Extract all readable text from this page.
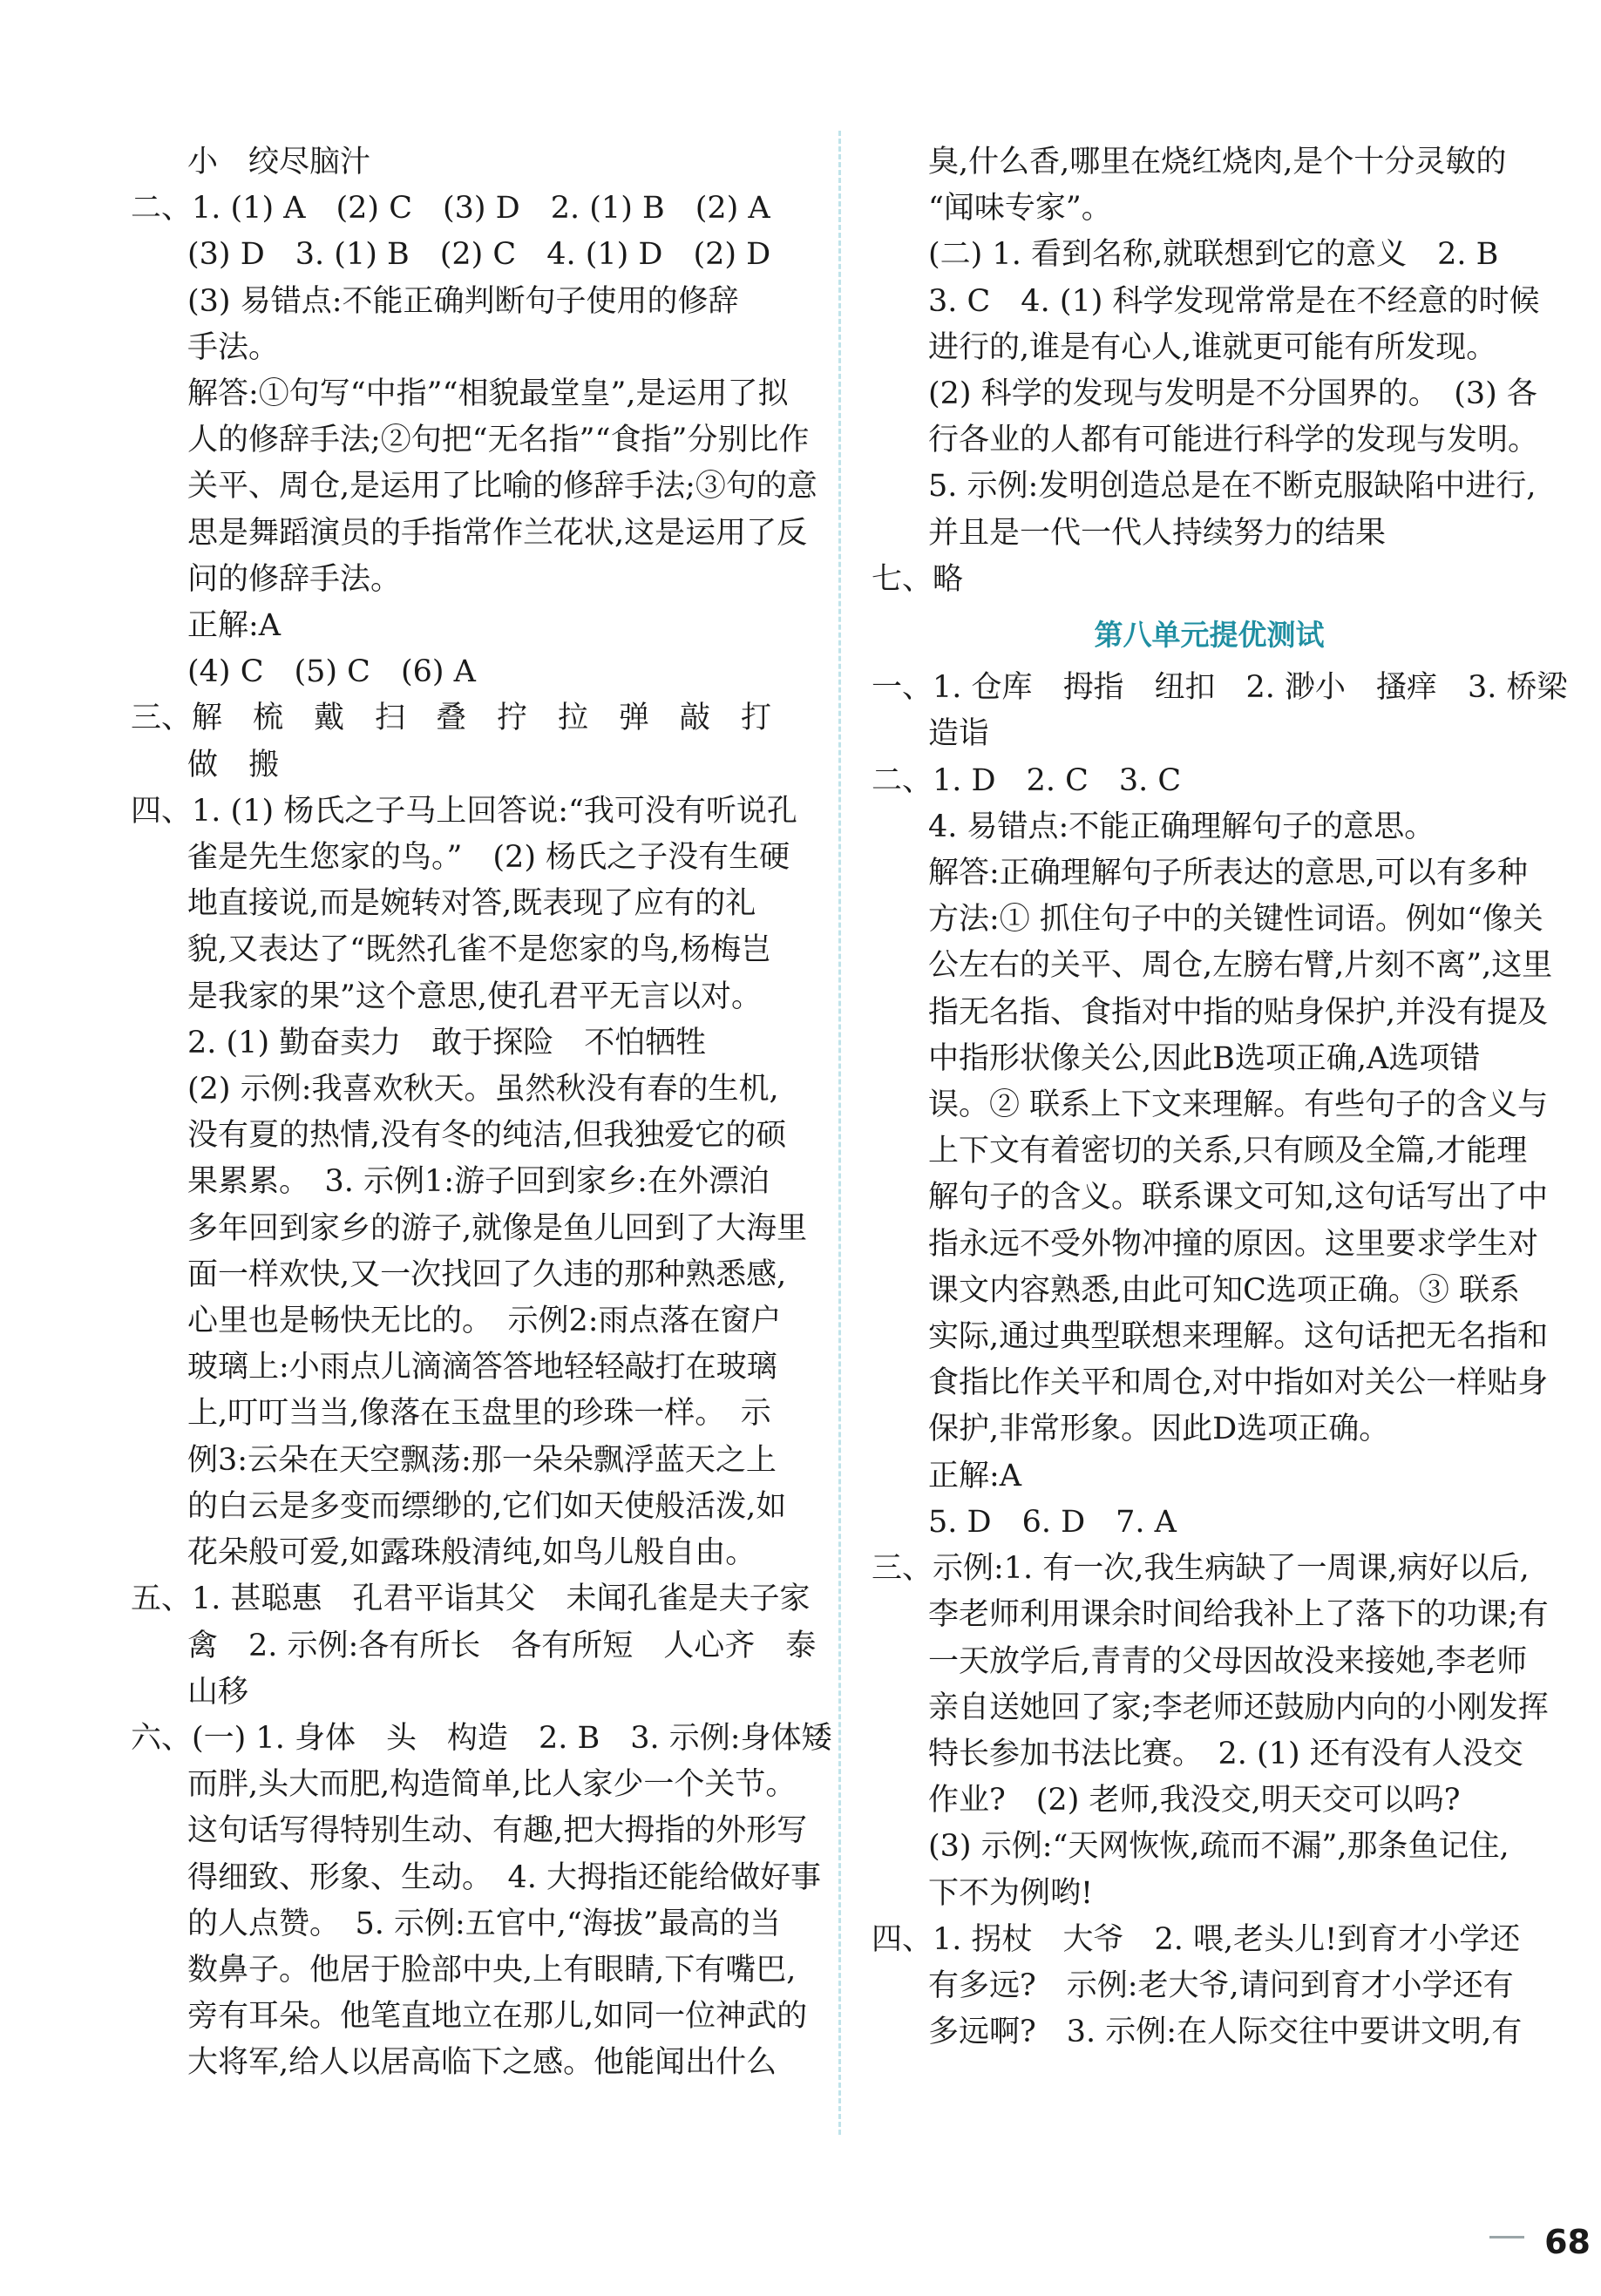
小　绞尽脑汁
二、1. (1) A　(2) C　(3) D　2. (1) B　(2) A
(3) D　3. (1) B　(2) C　4. (1) D　(2) D
(3) 易错点:不能正确判断句子使用的修辞
手法。
解答:①句写“中指”“相貌最堂皇”,是运用了拟
人的修辞手法;②句把“无名指”“食指”分别比作
关平、周仓,是运用了比喻的修辞手法;③句的意
思是舞蹈演员的手指常作兰花状,这是运用了反
问的修辞手法。
正解:A
(4) C　(5) C　(6) A
三、解　梳　戴　扫　叠　拧　拉　弹　敲　打
做　搬
四、1. (1) 杨氏之子马上回答说:“我可没有听说孔
雀是先生您家的鸟。”　(2) 杨氏之子没有生硬
地直接说,而是婉转对答,既表现了应有的礼
貌,又表达了“既然孔雀不是您家的鸟,杨梅岂
是我家的果”这个意思,使孔君平无言以对。
2. (1) 勤奋卖力　敢于探险　不怕牺牲
(2) 示例:我喜欢秋天。虽然秋没有春的生机,
没有夏的热情,没有冬的纯洁,但我独爱它的硕
果累累。　3. 示例1:游子回到家乡:在外漂泊
多年回到家乡的游子,就像是鱼儿回到了大海里
面一样欢快,又一次找回了久违的那种熟悉感,
心里也是畅快无比的。　示例2:雨点落在窗户
玻璃上:小雨点儿滴滴答答地轻轻敲打在玻璃
上,叮叮当当,像落在玉盘里的珍珠一样。　示
例3:云朵在天空飘荡:那一朵朵飘浮蓝天之上
的白云是多变而缥缈的,它们如天使般活泼,如
花朵般可爱,如露珠般清纯,如鸟儿般自由。
五、1. 甚聪惠　孔君平诣其父　未闻孔雀是夫子家
禽　2. 示例:各有所长　各有所短　人心齐　泰
山移
六、(一) 1. 身体　头　构造　2. B　3. 示例:身体矮
而胖,头大而肥,构造简单,比人家少一个关节。
这句话写得特别生动、有趣,把大拇指的外形写
得细致、形象、生动。　4. 大拇指还能给做好事
的人点赞。　5. 示例:五官中,“海拔”最高的当
数鼻子。他居于脸部中央,上有眼睛,下有嘴巴,
旁有耳朵。他笔直地立在那儿,如同一位神武的
大将军,给人以居高临下之感。他能闻出什么
臭,什么香,哪里在烧红烧肉,是个十分灵敏的
“闻味专家”。
(二) 1. 看到名称,就联想到它的意义　2. B
3. C　4. (1) 科学发现常常是在不经意的时候
进行的,谁是有心人,谁就更可能有所发现。
(2) 科学的发现与发明是不分国界的。　(3) 各
行各业的人都有可能进行科学的发现与发明。
5. 示例:发明创造总是在不断克服缺陷中进行,
并且是一代一代人持续努力的结果
七、略
第八单元提优测试
一、1. 仓库　拇指　纽扣　2. 渺小　搔痒　3. 桥梁
造诣
二、1. D　2. C　3. C
4. 易错点:不能正确理解句子的意思。
解答:正确理解句子所表达的意思,可以有多种
方法:① 抓住句子中的关键性词语。例如“像关
公左右的关平、周仓,左膀右臂,片刻不离”,这里
指无名指、食指对中指的贴身保护,并没有提及
中指形状像关公,因此B选项正确,A选项错
误。② 联系上下文来理解。有些句子的含义与
上下文有着密切的关系,只有顾及全篇,才能理
解句子的含义。联系课文可知,这句话写出了中
指永远不受外物冲撞的原因。这里要求学生对
课文内容熟悉,由此可知C选项正确。③ 联系
实际,通过典型联想来理解。这句话把无名指和
食指比作关平和周仓,对中指如对关公一样贴身
保护,非常形象。因此D选项正确。
正解:A
5. D　6. D　7. A
三、示例:1. 有一次,我生病缺了一周课,病好以后,
李老师利用课余时间给我补上了落下的功课;有
一天放学后,青青的父母因故没来接她,李老师
亲自送她回了家;李老师还鼓励内向的小刚发挥
特长参加书法比赛。　2. (1) 还有没有人没交
作业?　(2) 老师,我没交,明天交可以吗?
(3) 示例:“天网恢恢,疏而不漏”,那条鱼记住,
下不为例哟!
四、1. 拐杖　大爷　2. 喂,老头儿!到育才小学还
有多远?　示例:老大爷,请问到育才小学还有
多远啊?　3. 示例:在人际交往中要讲文明,有
68
